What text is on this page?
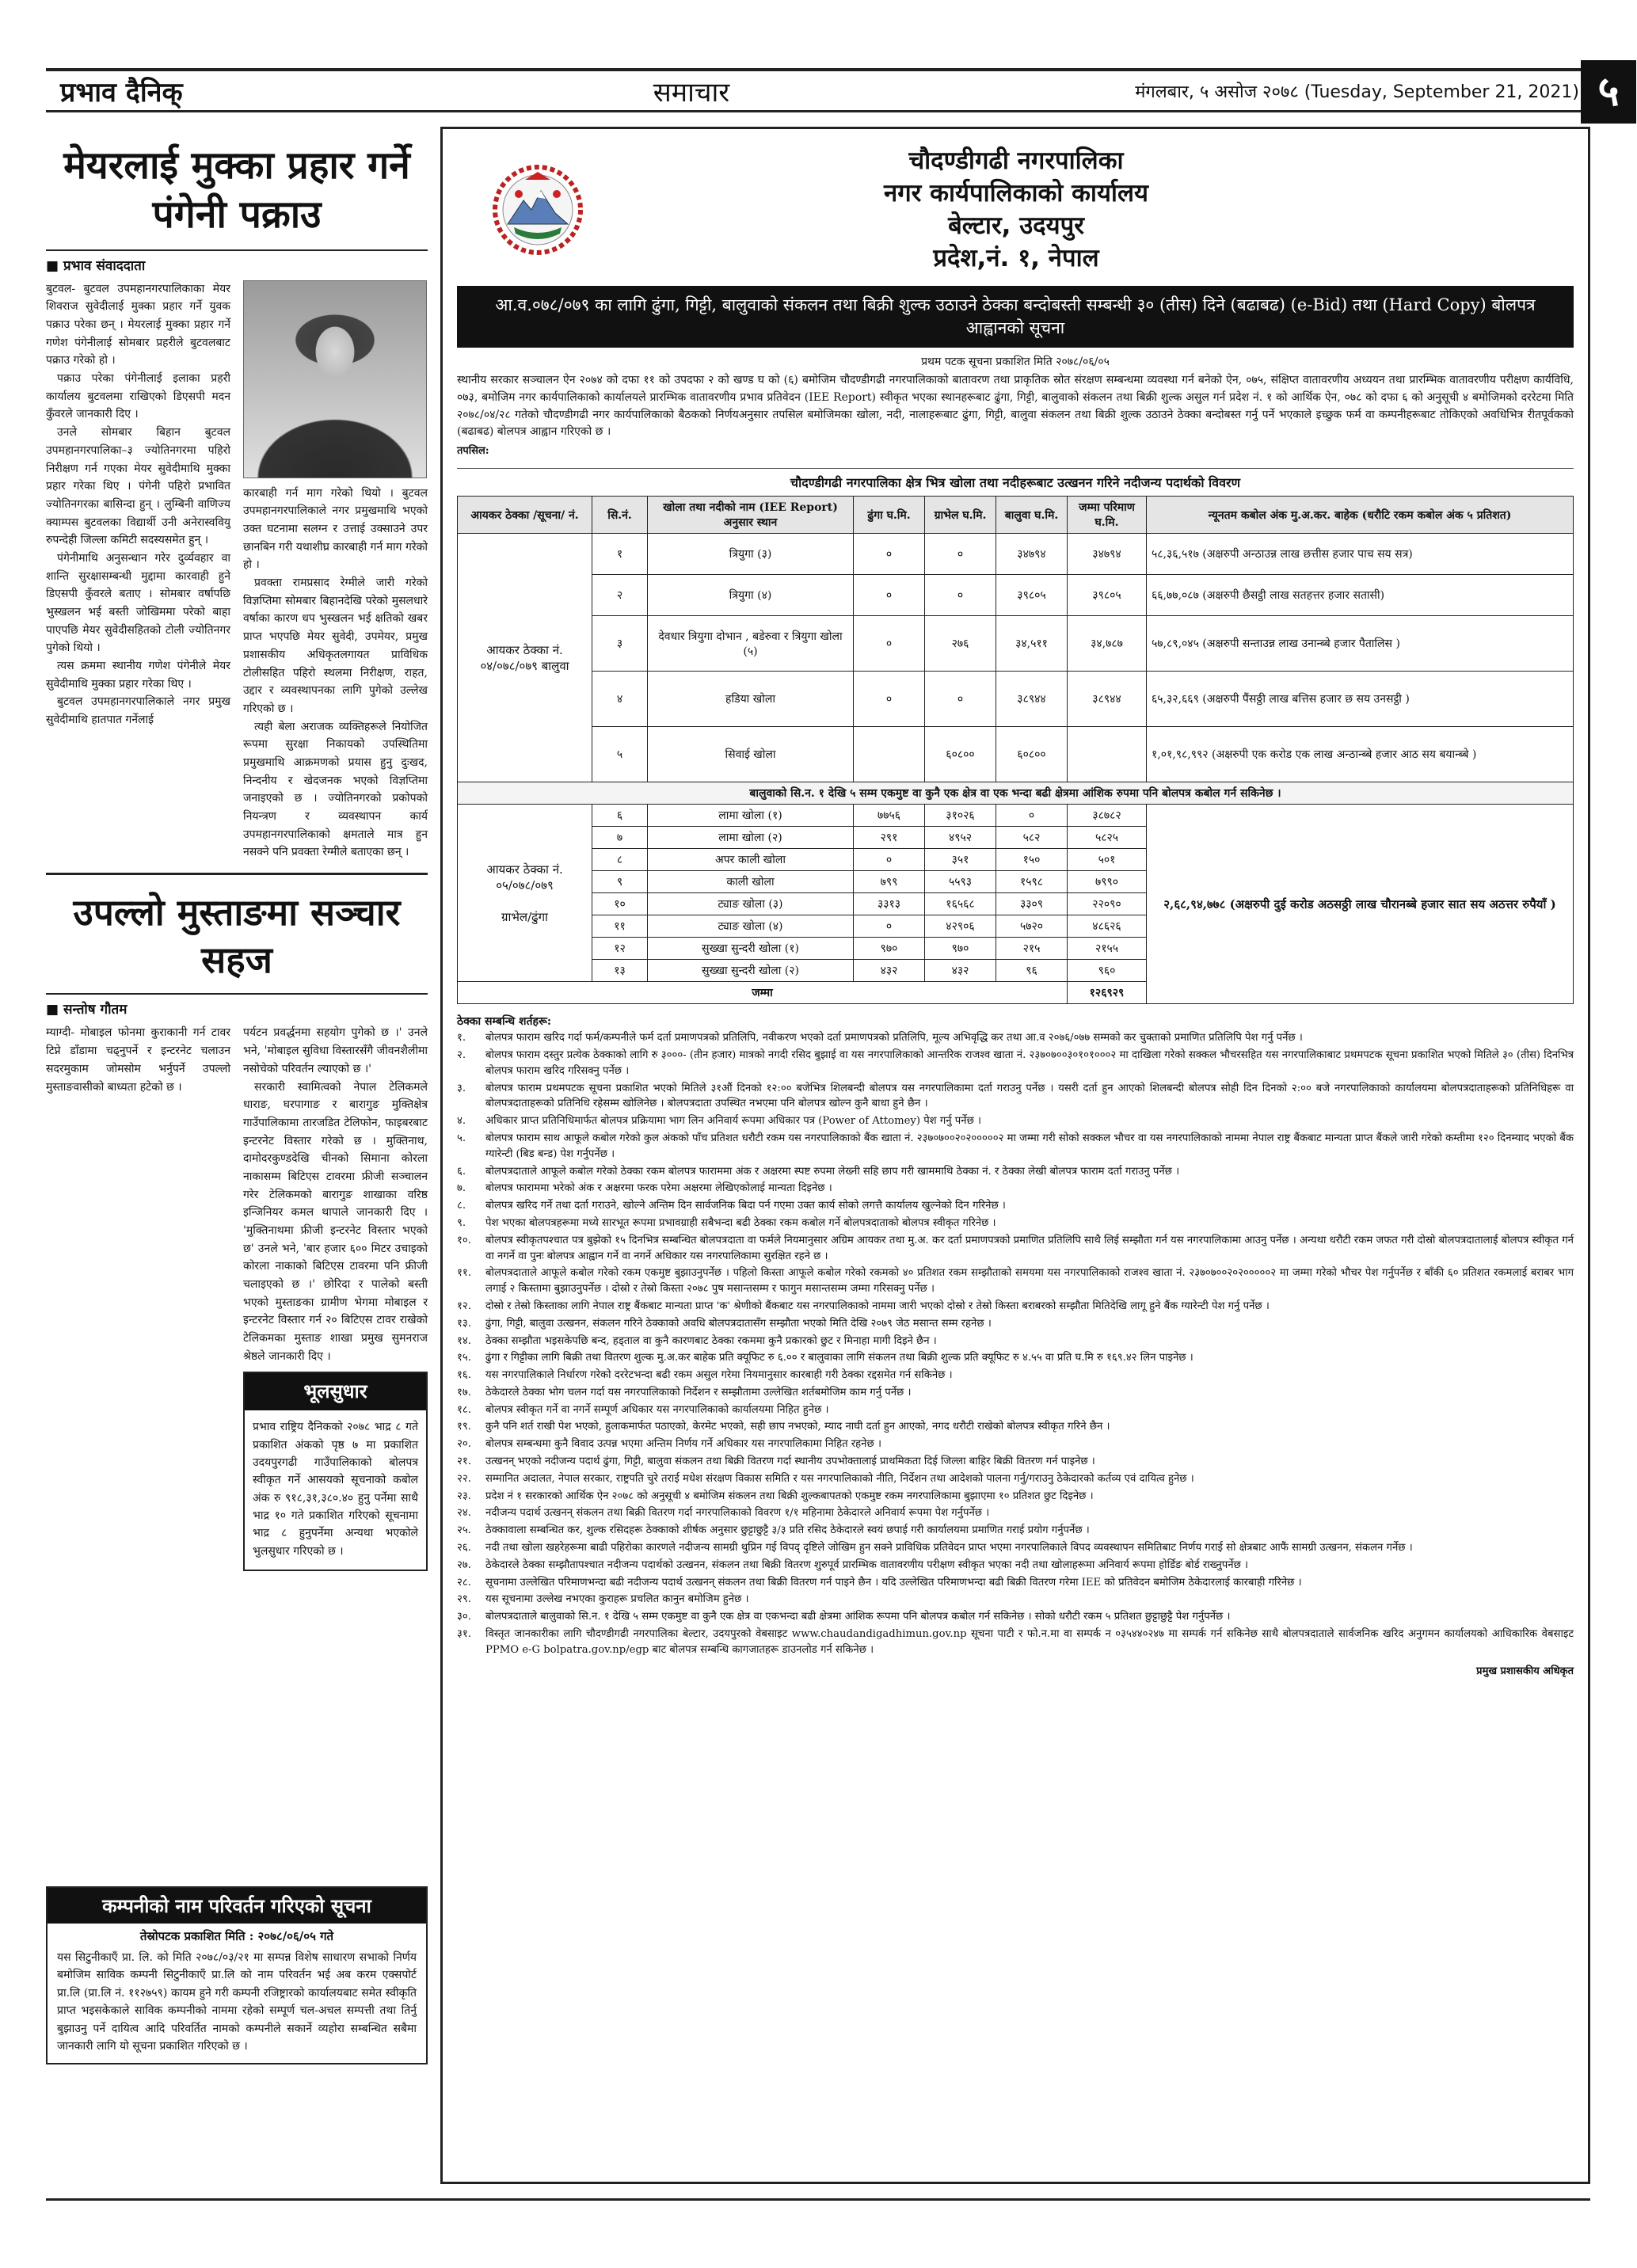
प्रभाव दैनिक्	समाचार	मंगलबार, ५ असोज २०७८ (Tuesday, September 21, 2021) ५
मेयरलाई मुक्का प्रहार गर्ने पंगेनी पक्राउ
■ प्रभाव संवाददाता

बुटवल- बुटवल उपमहानगरपालिकाका मेयर शिवराज सुवेदीलाई मुक्का प्रहार गर्ने युवक पक्राउ परेका छन् । मेयरलाई मुक्का प्रहार गर्ने गणेश पंगेनीलाई सोमबार प्रहरीले बुटवलबाट पक्राउ गरेको हो ।

पक्राउ परेका पंगेनीलाई इलाका प्रहरी कार्यालय बुटवलमा राखिएको डिएसपी मदन कुँवरले जानकारी दिए ।

उनले सोमबार बिहान बुटवल उपमहानगरपालिका–३ ज्योतिनगरमा पहिरो निरीक्षण गर्न गएका मेयर सुवेदीमाथि मुक्का प्रहार गरेका थिए । पंगेनी पहिरो प्रभावित ज्योतिनगरका बासिन्दा हुन् । लुम्बिनी वाणिज्य क्याम्पस बुटवलका विद्यार्थी उनी अनेरास्ववियु रुपन्देही जिल्ला कमिटी सदस्यसमेत हुन् ।

पंगेनीमाथि अनुसन्धान गरेर दुर्व्यवहार वा शान्ति सुरक्षासम्बन्धी मुद्दामा कारवाही हुने डिएसपी कुँवरले बताए । सोमबार वर्षापछि भुस्खलन भई बस्ती जोखिममा परेको बाहा पाएपछि मेयर सुवेदीसहितको टोली ज्योतिनगर पुगेको थियो ।

त्यस क्रममा स्थानीय गणेश पंगेनीले मेयर सुवेदीमाथि मुक्का प्रहार गरेका थिए ।

बुटवल उपमहानगरपालिकाले नगर प्रमुख सुवेदीमाथि हातपात गर्नेलाई

कारबाही गर्न माग गरेको थियो । बुटवल उपमहानगरपालिकाले नगर प्रमुखमाथि भएको उक्त घटनामा सलग्न र उत्ताई उक्साउने उपर छानबिन गरी यथाशीघ्र कारबाही गर्न माग गरेको हो ।

प्रवक्ता रामप्रसाद रेग्मीले जारी गरेको विज्ञप्तिमा सोमबार बिहानदेखि परेको मुसलधारे वर्षाका कारण धप भुस्खलन भई क्षतिको खबर प्राप्त भएपछि मेयर सुवेदी, उपमेयर, प्रमुख प्रशासकीय अधिकृतलगायत प्राविधिक टोलीसहित पहिरो स्थलमा निरीक्षण, राहत, उद्दार र व्यवस्थापनका लागि पुगेको उल्लेख गरिएको छ ।

त्यही बेला अराजक व्यक्तिहरूले नियोजित रूपमा सुरक्षा निकायको उपस्थितिमा प्रमुखमाथि आक्रमणको प्रयास हुनु दुःखद, निन्दनीय र खेदजनक भएको विज्ञप्तिमा जनाइएको छ । ज्योतिनगरको प्रकोपको नियन्त्रण र व्यवस्थापन कार्य उपमहानगरपालिकाको क्षमताले मात्र हुन नसक्ने पनि प्रवक्ता रेग्मीले बताएका छन् ।

उपल्लो मुस्ताङमा सञ्चार सहज
■ सन्तोष गौतम

म्याग्दी- मोबाइल फोनमा कुराकानी गर्न टावर टिप्ने डाँडामा चढ्नुपर्ने र इन्टरनेट चलाउन सदरमुकाम जोमसोम भर्नुपर्ने उपल्लो मुस्ताङवासीको बाध्यता हटेको छ ।

पर्यटन प्रवर्द्धनमा सहयोग पुगेको छ ।' उनले भने, 'मोबाइल सुविधा विस्तारसँगै जीवनशैलीमा नसोचेको परिवर्तन ल्याएको छ ।'

सरकारी स्वामित्वको नेपाल टेलिकमले धाराङ, घरपागाङ र बारागुङ मुक्तिक्षेत्र गाउँपालिकामा तारजडित टेलिफोन, फाइबरबाट इन्टरनेट विस्तार गरेको छ । मुक्तिनाथ, दामोदरकुण्डदेखि चीनको सिमाना कोरला नाकासम्म बिटिएस टावरमा फ्रीजी सञ्चालन गरेर टेलिकमको बारागुङ शाखाका वरिष्ठ इन्जिनियर कमल थापाले जानकारी दिए । 'मुक्तिनाथमा फ्रीजी इन्टरनेट विस्तार भएको छ' उनले भने, 'बार हजार ६०० मिटर उचाइको कोरला नाकाको बिटिएस टावरमा पनि फ्रीजी चलाइएको छ ।' छोरिदा र पालेको बस्ती भएको मुस्ताङका ग्रामीण भेगमा मोबाइल र इन्टरनेट विस्तार गर्न २० बिटिएस टावर राखेको टेलिकमका मुस्ताङ शाखा प्रमुख सुमनराज श्रेष्ठले जानकारी दिए ।

भूलसुधार

प्रभाव राष्ट्रिय दैनिकको २०७८ भाद्र ८ गते प्रकाशित अंकको पृष्ठ ७ मा प्रकाशित उदयपुरगढी गाउँपालिकाको बोलपत्र स्वीकृत गर्ने आसयको सूचनाको कबोल अंक रु ९१८,३१,३८०.४० हुनु पर्नेमा साथै भाद्र १० गते प्रकाशित गरिएको सूचनामा भाद्र ८ हुनुपर्नेमा अन्यथा भएकोले भुलसुधार गरिएको छ ।

कम्पनीको नाम परिवर्तन गरिएको सूचना
तेस्रोपटक प्रकाशित मिति : २०७८/०६/०५ गते
यस सिटुनीकाएँ प्रा. लि. को मिति २०७८/०३/२१ मा सम्पन्न विशेष साधारण सभाको निर्णय बमोजिम साविक कम्पनी सिटुनीकाएँ प्रा.लि को नाम परिवर्तन भई अब करम एक्सपोर्ट प्रा.लि (प्रा.लि नं. ११२७५९) कायम हुने गरी कम्पनी रजिष्ट्रारको कार्यालयबाट समेत स्वीकृति प्राप्त भइसकेकाले साविक कम्पनीको नाममा रहेको सम्पूर्ण चल-अचल सम्पत्ती तथा तिर्नु बुझाउनु पर्ने दायित्व आदि परिवर्तित नामको कम्पनीले सकार्ने व्यहोरा सम्बन्धित सबैमा जानकारी लागि यो सूचना प्रकाशित गरिएको छ ।
चौदण्डीगढी नगरपालिका
नगर कार्यपालिकाको कार्यालय
बेल्टार, उदयपुर
प्रदेश,नं. १, नेपाल
आ.व.०७८/०७९ का लागि ढुंगा, गिट्टी, बालुवाको संकलन तथा बिक्री शुल्क उठाउने ठेक्का बन्दोबस्ती सम्बन्धी ३० (तीस) दिने (बढाबढ) (e-Bid) तथा (Hard Copy) बोलपत्र आह्वानको सूचना
प्रथम पटक सूचना प्रकाशित मिति २०७८/०६/०५
स्थानीय सरकार सञ्चालन ऐन २०७४ को दफा ११ को उपदफा २ को खण्ड घ को (६) बमोजिम चौदण्डीगढी नगरपालिकाको बातावरण तथा प्राकृतिक स्रोत संरक्षण सम्बन्धमा व्यवस्था गर्न बनेको ऐन, ०७५, संक्षिप्त वातावरणीय अध्ययन तथा प्रारम्भिक वातावरणीय परीक्षण कार्यविधि, ०७३, बमोजिम नगर कार्यपालिकाको कार्यालयले प्रारम्भिक वातावरणीय प्रभाव प्रतिवेदन (IEE Report) स्वीकृत भएका स्थानहरूबाट ढुंगा, गिट्टी, बालुवाको संकलन तथा बिक्री शुल्क असुल गर्न प्रदेश नं. १ को आर्थिक ऐन, ०७८ को दफा ६ को अनुसूची ४ बमोजिमको दररेटमा मिति २०७८/०४/२८ गतेको चौदण्डीगढी नगर कार्यपालिकाको बैठकको निर्णयअनुसार तपसिल बमोजिमका खोला, नदी, नालाहरूबाट ढुंगा, गिट्टी, बालुवा संकलन तथा बिक्री शुल्क उठाउने ठेक्का बन्दोबस्त गर्नु पर्ने भएकाले इच्छुक फर्म वा कम्पनीहरूबाट तोकिएको अवधिभित्र रीतपूर्वकको (बढाबढ) बोलपत्र आह्वान गरिएको छ ।
तपसिल:
चौदण्डीगढी नगरपालिका क्षेत्र भित्र खोला तथा नदीहरूबाट उत्खनन गरिने नदीजन्य पदार्थको विवरण
आयकर ठेक्का /सूचना/ नं.	सि.नं.	खोला तथा नदीको नाम (IEE Report) अनुसार स्थान	ढुंगा घ.मि.	ग्राभेल घ.मि.	बालुवा घ.मि.	जम्मा परिमाण घ.मि.	न्यूनतम कबोल अंक मु.अ.कर. बाहेक (धरौटि रकम कबोल अंक ५ प्रतिशत)
आयकर ठेक्का नं. ०४/०७८/०७९ बालुवा	१	त्रियुगा (३)	०	०	३४७९४	३४७९४	५८,३६,५१७ (अक्षरुपी अन्ठाउन्न लाख छत्तीस हजार पाच सय सत्र)
	२	त्रियुगा (४)	०	०	३९८०५	३९८०५	६६,७७,०८७ (अक्षरुपी छैसट्ठी लाख सतहत्तर हजार सतासी)
	३	देवधार त्रियुगा दोभान , बडेरुवा र त्रियुगा खोला (५)	०	२७६	३४,५११	३४,७८७	५७,८९,०४५ (अक्षरुपी सन्ताउन्न लाख उनान्ब्बे हजार पैतालिस )
	४	हडिया खोला	०	०	३८९४४	३८९४४	६५,३२,६६९ (अक्षरुपी पैंसठ्ठी लाख बत्तिस हजार छ सय उनसट्ठी )
	५	सिवाई खोला		६०८००	६०८००		१,०१,९८,९९२ (अक्षरुपी एक करोड एक लाख अन्ठान्ब्बे हजार आठ सय बयान्ब्बे )
बालुवाको सि.न. १ देखि ५ सम्म एकमुष्ट वा कुनै एक क्षेत्र वा एक भन्दा बढी क्षेत्रमा आंशिक रुपमा पनि बोलपत्र कबोल गर्न सकिनेछ ।							

आयकर ठेक्का नं. ०५/०७८/०७९
ग्राभेल/ढुंगा	६	लामा खोला (१)	७७५६	३१०२६	०	३८७८२	२,६८,९४,७७८ (अक्षरुपी दुई करोड अठसठ्ठी लाख चौरानब्बे हजार सात सय अठत्तर रुपैयाँ )
	७	लामा खोला (२)	२९१	४९५२	५८२	५८२५	
	८	अपर काली खोला	०	३५१	१५०	५०१	
	९	काली खोला	७९९	५५९३	१५९८	७९९०	
	१०	ट्याङ खोला (३)	३३१३	१६५६८	३३०९	२२०९०	
	११	ट्याङ खोला (४)	०	४२९०६	५७२०	४८६२६	
	१२	सुख्खा सुन्दरी खोला (१)	९७०	९७०	२१५	२१५५	
	१३	सुख्खा सुन्दरी खोला (२)	४३२	४३२	९६	९६०	
जम्मा						१२६९२९	
ठेक्का सम्बन्धि शर्तहरू:
१.	बोलपत्र फाराम खरिद गर्दा फर्म/कम्पनीले फर्म दर्ता प्रमाणपत्रको प्रतिलिपि, नवीकरण भएको दर्ता प्रमाणपत्रको प्रतिलिपि, मूल्य अभिवृद्धि कर तथा आ.व २०७६/०७७ सम्मको कर चुक्ताको प्रमाणित प्रतिलिपि पेश गर्नु पर्नेछ ।
२.	बोलपत्र फाराम दस्तुर प्रत्येक ठेक्काको लागि रु ३०००- (तीन हजार) मात्रको नगदी रसिद बुझाई वा यस नगरपालिकाको आन्तरिक राजश्व खाता नं. २३७०७००३०१०१०००२ मा दाखिला गरेको सक्कल भौचरसहित यस नगरपालिकाबाट प्रथमपटक सूचना प्रकाशित भएको मितिले ३० (तीस) दिनभित्र बोलपत्र फाराम खरिद गरिसक्नु पर्नेछ ।
३.	बोलपत्र फाराम प्रथमपटक सूचना प्रकाशित भएको मितिले ३१औं दिनको १२:०० बजेभित्र शिलबन्दी बोलपत्र यस नगरपालिकामा दर्ता गराउनु पर्नेछ । यसरी दर्ता हुन आएको शिलबन्दी बोलपत्र सोही दिन दिनको २:०० बजे नगरपालिकाको कार्यालयमा बोलपत्रदाताहरूको प्रतिनिधिहरू वा बोलपत्रदाताहरूको प्रतिनिधि रहेसम्म खोलिनेछ । बोलपत्रदाता उपस्थित नभएमा पनि बोलपत्र खोल्न कुनै बाधा हुने छैन ।
४.	अधिकार प्राप्त प्रतिनिधिमार्फत बोलपत्र प्रक्रियामा भाग लिन अनिवार्य रूपमा अधिकार पत्र (Power of Attomey) पेश गर्नु पर्नेछ ।
५.	बोलपत्र फाराम साथ आफूले कबोल गरेको कुल अंकको पाँच प्रतिशत धरौटी रकम यस नगरपालिकाको बैंक खाता नं. २३७०७००२०२०००००२ मा जम्मा गरी सोको सक्कल भौचर वा यस नगरपालिकाको नाममा नेपाल राष्ट्र बैंकबाट मान्यता प्राप्त बैंकले जारी गरेको कम्तीमा १२० दिनम्याद भएको बैंक ग्यारेन्टी (बिड बन्ड) पेश गर्नुपर्नेछ ।
६.	बोलपत्रदाताले आफूले कबोल गरेको ठेक्का रकम बोलपत्र फाराममा अंक र अक्षरमा स्पष्ट रुपमा लेख्नी सहि छाप गरी खाममाथि ठेक्का नं. र ठेक्का लेखी बोलपत्र फाराम दर्ता गराउनु पर्नेछ ।
७.	बोलपत्र फाराममा भरेको अंक र अक्षरमा फरक परेमा अक्षरमा लेखिएकोलाई मान्यता दिइनेछ ।
८.	बोलपत्र खरिद गर्ने तथा दर्ता गराउने, खोल्ने अन्तिम दिन सार्वजनिक बिदा पर्न गएमा उक्त कार्य सोको लगत्तै कार्यालय खुल्नेको दिन गरिनेछ ।
९.	पेश भएका बोलपत्रहरूमा मध्ये सारभूत रूपमा प्रभावग्राही सबैभन्दा बढी ठेक्का रकम कबोल गर्ने बोलपत्रदाताको बोलपत्र स्वीकृत गरिनेछ ।
१०.	बोलपत्र स्वीकृतपश्चात पत्र बुझेको १५ दिनभित्र सम्बन्धित बोलपत्रदाता वा फर्मले नियमानुसार अग्रिम आयकर तथा मु.अ. कर दर्ता प्रमाणपत्रको प्रमाणित प्रतिलिपि साथै लिई सम्झौता गर्न यस नगरपालिकामा आउनु पर्नेछ । अन्यथा धरौटी रकम जफत गरी दोस्रो बोलपत्रदातालाई बोलपत्र स्वीकृत गर्न वा नगर्ने वा पुनः बोलपत्र आह्वान गर्ने वा नगर्ने अधिकार यस नगरपालिकामा सुरक्षित रहने छ ।
११.	बोलपत्रदाताले आफूले कबोल गरेको रकम एकमुष्ट बुझाउनुपर्नेछ । पहिलो किस्ता आफूले कबोल गरेको रकमको ४० प्रतिशत रकम सम्झौताको समयमा यस नगरपालिकाको राजश्व खाता नं. २३७०७००२०२०००००२ मा जम्मा गरेको भौचर पेश गर्नुपर्नेछ र बाँकी ६० प्रतिशत रकमलाई बराबर भाग लगाई २ किस्तामा बुझाउनुपर्नेछ । दोस्रो र तेस्रो किस्ता २०७८ पुष मसान्तसम्म र फागुन मसान्तसम्म जम्मा गरिसक्नु पर्नेछ ।
१२.	दोस्रो र तेस्रो किस्ताका लागि नेपाल राष्ट्र बैंकबाट मान्यता प्राप्त 'क' श्रेणीको बैंकबाट यस नगरपालिकाको नाममा जारी भएको दोस्रो र तेस्रो किस्ता बराबरको सम्झौता मितिदेखि लागू हुने बैंक ग्यारेन्टी पेश गर्नु पर्नेछ ।
१३.	ढुंगा, गिट्टी, बालुवा उत्खनन, संकलन गरिने ठेक्काको अवधि बोलपत्रदातासँग सम्झौता भएको मिति देखि २०७९ जेठ मसान्त सम्म रहनेछ ।
१४.	ठेक्का सम्झौता भइसकेपछि बन्द, हड्ताल वा कुनै कारणबाट ठेक्का रकममा कुनै प्रकारको छुट र मिनाहा मागी दिइने छैन ।
१५.	ढुंगा र गिट्टीका लागि बिक्री तथा वितरण शुल्क मु.अ.कर बाहेक प्रति क्यूफिट रु ६.०० र बालुवाका लागि संकलन तथा बिक्री शुल्क प्रति क्यूफिट रु ४.५५ वा प्रति घ.मि रु १६९.४२ लिन पाइनेछ ।
१६.	यस नगरपालिकाले निर्धारण गरेको दररेटभन्दा बढी रकम असुल गरेमा नियमानुसार कारबाही गरी ठेक्का रद्दसमेत गर्न सकिनेछ ।
१७.	ठेकेदारले ठेक्का भोग चलन गर्दा यस नगरपालिकाको निर्देशन र सम्झौतामा उल्लेखित शर्तबमोजिम काम गर्नु पर्नेछ ।
१८.	बोलपत्र स्वीकृत गर्ने वा नगर्ने सम्पूर्ण अधिकार यस नगरपालिकाको कार्यालयमा निहित हुनेछ ।
१९.	कुनै पनि शर्त राखी पेश भएको, हुलाकमार्फत पठाएको, केरमेट भएको, सही छाप नभएको, म्याद नाघी दर्ता हुन आएको, नगद धरौटी राखेको बोलपत्र स्वीकृत गरिने छैन ।
२०.	बोलपत्र सम्बन्धमा कुनै विवाद उत्पन्न भएमा अन्तिम निर्णय गर्ने अधिकार यस नगरपालिकामा निहित रहनेछ ।
२१.	उत्खनन् भएको नदीजन्य पदार्थ ढुंगा, गिट्टी, बालुवा संकलन तथा बिक्री वितरण गर्दा स्थानीय उपभोक्तालाई प्राथमिकता दिई जिल्ला बाहिर बिक्री वितरण गर्न पाइनेछ ।
२२.	सम्मानित अदालत, नेपाल सरकार, राष्ट्रपति चुरे तराई मधेश संरक्षण विकास समिति र यस नगरपालिकाको नीति, निर्देशन तथा आदेशको पालना गर्नु/गराउनु ठेकेदारको कर्तव्य एवं दायित्व हुनेछ ।
२३.	प्रदेश नं १ सरकारको आर्थिक ऐन २०७८ को अनुसूची ४ बमोजिम संकलन तथा बिक्री शुल्कबापतको एकमुष्ट रकम नगरपालिकामा बुझाएमा १० प्रतिशत छुट दिइनेछ ।
२४.	नदीजन्य पदार्थ उत्खनन् संकलन तथा बिक्री वितरण गर्दा नगरपालिकाको विवरण १/१ महिनामा ठेकेदारले अनिवार्य रूपमा पेश गर्नुपर्नेछ ।
२५.	ठेक्कावाला सम्बन्धित कर, शुल्क रसिदहरू ठेक्काको शीर्षक अनुसार छुट्टाछुट्टै ३/३ प्रति रसिद ठेकेदारले स्वयं छपाई गरी कार्यालयमा प्रमाणित गराई प्रयोग गर्नुपर्नेछ ।
२६.	नदी तथा खोला खहरेहरूमा बाढी पहिरोका कारणले नदीजन्य सामग्री थुप्रिन गई विपद् दृष्टिले जोखिम हुन सक्ने प्राविधिक प्रतिवेदन प्राप्त भएमा नगरपालिकाले विपद व्यवस्थापन समितिबाट निर्णय गराई सो क्षेत्रबाट आफैं सामग्री उत्खनन, संकलन गर्नेछ ।
२७.	ठेकेदारले ठेक्का सम्झौतापश्चात नदीजन्य पदार्थको उत्खनन, संकलन तथा बिक्री वितरण शुरुपूर्व प्रारम्भिक वातावरणीय परीक्षण स्वीकृत भएका नदी तथा खोलाहरूमा अनिवार्य रूपमा होर्डिङ बोर्ड राख्नुपर्नेछ ।
२८.	सूचनामा उल्लेखित परिमाणभन्दा बढी नदीजन्य पदार्थ उत्खनन् संकलन तथा बिक्री वितरण गर्न पाइने छैन । यदि उल्लेखित परिमाणभन्दा बढी बिक्री वितरण गरेमा IEE को प्रतिवेदन बमोजिम ठेकेदारलाई कारबाही गरिनेछ ।
२९.	यस सूचनामा उल्लेख नभएका कुराहरू प्रचलित कानुन बमोजिम हुनेछ ।
३०.	बोलपत्रदाताले बालुवाको सि.न. १ देखि ५ सम्म एकमुष्ट वा कुनै एक क्षेत्र वा एकभन्दा बढी क्षेत्रमा आंशिक रूपमा पनि बोलपत्र कबोल गर्न सकिनेछ । सोको धरौटी रकम ५ प्रतिशत छुट्टाछुट्टै पेश गर्नुपर्नेछ ।
३१.	विस्तृत जानकारीका लागि चौदण्डीगढी नगरपालिका बेल्टार, उदयपुरको वेबसाइट www.chaudandigadhimun.gov.np सूचना पाटी र फो.न.मा वा सम्पर्क न ०३५४४०२४७ मा सम्पर्क गर्न सकिनेछ साथै बोलपत्रदाताले सार्वजनिक खरिद अनुगमन कार्यालयको आधिकारिक वेबसाइट PPMO e-G bolpatra.gov.np/egp बाट बोलपत्र सम्बन्धि कागजातहरू डाउनलोड गर्न सकिनेछ ।
प्रमुख प्रशासकीय अधिकृत
